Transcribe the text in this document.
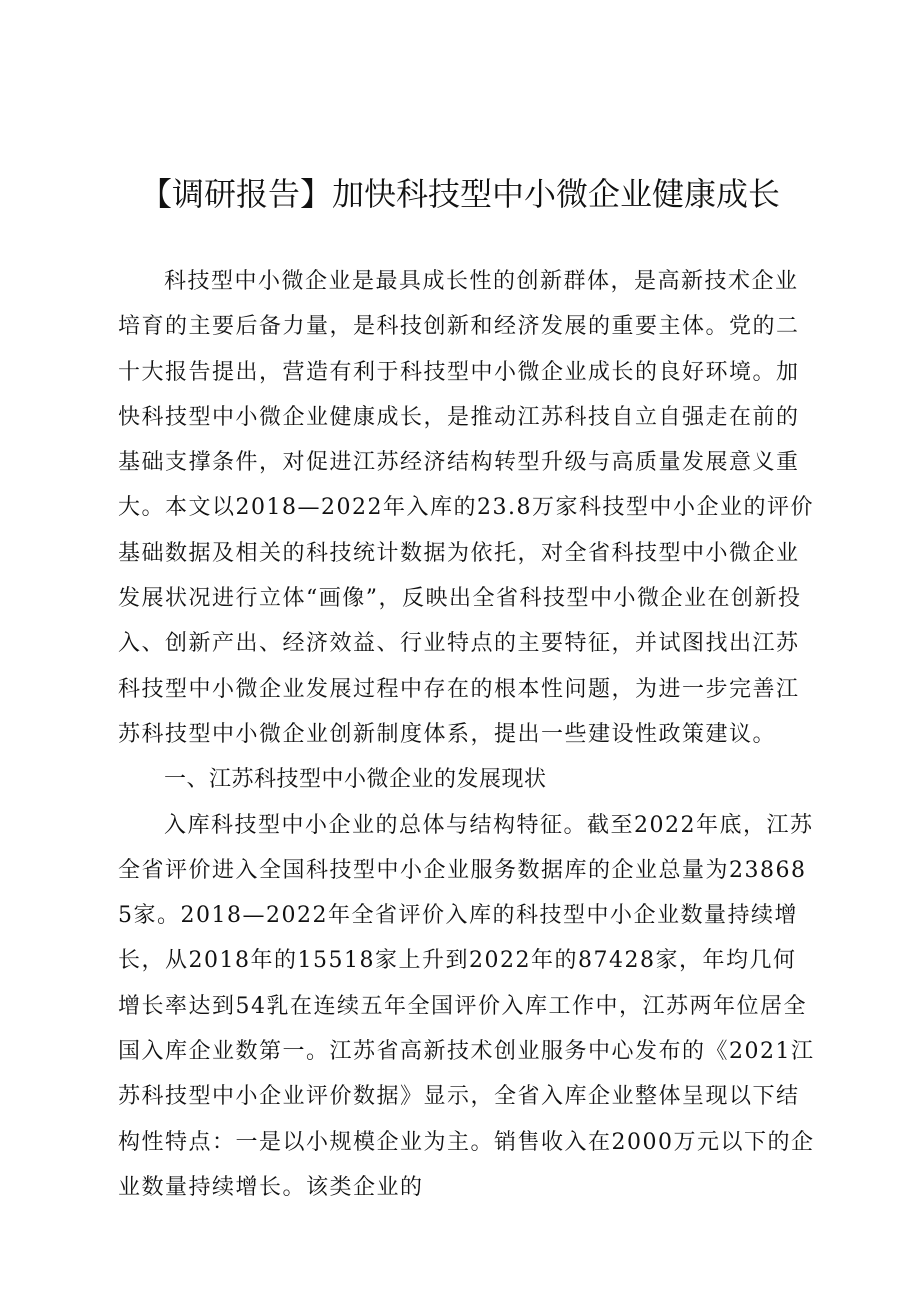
【调研报告】加快科技型中小微企业健康成长

科技型中小微企业是最具成长性的创新群体，是高新技术企业培育的主要后备力量，是科技创新和经济发展的重要主体。党的二十大报告提出，营造有利于科技型中小微企业成长的良好环境。加快科技型中小微企业健康成长，是推动江苏科技自立自强走在前的基础支撑条件，对促进江苏经济结构转型升级与高质量发展意义重大。本文以2018—2022年入库的23.8万家科技型中小企业的评价基础数据及相关的科技统计数据为依托，对全省科技型中小微企业发展状况进行立体“画像”，反映出全省科技型中小微企业在创新投入、创新产出、经济效益、行业特点的主要特征，并试图找出江苏科技型中小微企业发展过程中存在的根本性问题，为进一步完善江苏科技型中小微企业创新制度体系，提出一些建设性政策建议。

一、江苏科技型中小微企业的发展现状

入库科技型中小企业的总体与结构特征。截至2022年底，江苏全省评价进入全国科技型中小企业服务数据库的企业总量为238685家。2018—2022年全省评价入库的科技型中小企业数量持续增长，从2018年的15518家上升到2022年的87428家，年均几何增长率达到54乳在连续五年全国评价入库工作中，江苏两年位居全国入库企业数第一。江苏省高新技术创业服务中心发布的《2021江苏科技型中小企业评价数据》显示，全省入库企业整体呈现以下结构性特点：一是以小规模企业为主。销售收入在2000万元以下的企业数量持续增长。该类企业的
